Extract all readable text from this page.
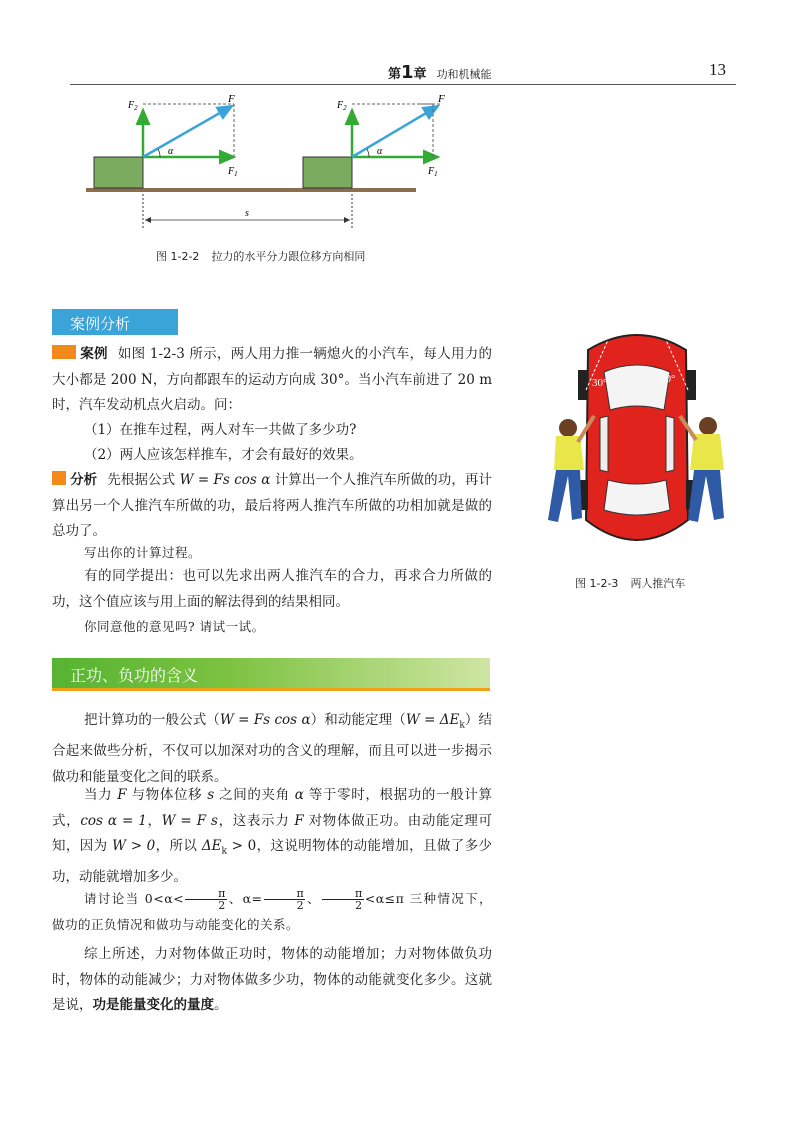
第1章 功和机械能	13
F
$F_2$
$F_1$
α
F
$F_2$
α
s
$F_1$
图 1-2-2 拉力的水平分力跟位移方向相同
案例分析
案例 如图 1-2-3 所示，两人用力推一辆熄火的小汽车，每人用力的大小都是 200 N，方向都跟车的运动方向成 30°。当小汽车前进了 20 m 时，汽车发动机点火启动。问：
（1）在推车过程，两人对车一共做了多少功?
（2）两人应该怎样推车，才会有最好的效果。
分析 先根据公式 W = Fs cos α 计算出一个人推汽车所做的功，再计算出另一个人推汽车所做的功，最后将两人推汽车所做的功相加就是做的总功了。
写出你的计算过程。
有的同学提出：也可以先求出两人推汽车的合力，再求合力所做的功，这个值应该与用上面的解法得到的结果相同。
你同意他的意见吗? 请试一试。
30°	30°
图 1-2-3 两人推汽车
正功、负功的含义
把计算功的一般公式（W = Fs cos α）和动能定理$(W = \Delta E_k)$结合起来做些分析，不仅可以加深对功的含义的理解，而且可以进一步揭示做功和能量变化之间的联系。
当力 F 与物体位移 s 之间的夹角 α 等于零时，根据功的一般计算式，cos α = 1，W = F s，这表示力 F 对物体做正功。由动能定理可知，因为 W > 0，所以 $\Delta E_k > 0$，这说明物体的动能增加，且做了多少功，动能就增加多少。
请讨论当 $0<\alpha< \frac{\pi}{2}$ 、$\alpha= \frac{\pi}{2}$ 、 $\frac{\pi}{2} <\alpha\le\pi$ 三种情况下，做功的正负情况和做功与动能变化的关系。
综上所述，力对物体做正功时，物体的动能增加；力对物体做负功时，物体的动能减少；力对物体做多少功，物体的动能就变化多少。这就是说，功是能量变化的量度。
